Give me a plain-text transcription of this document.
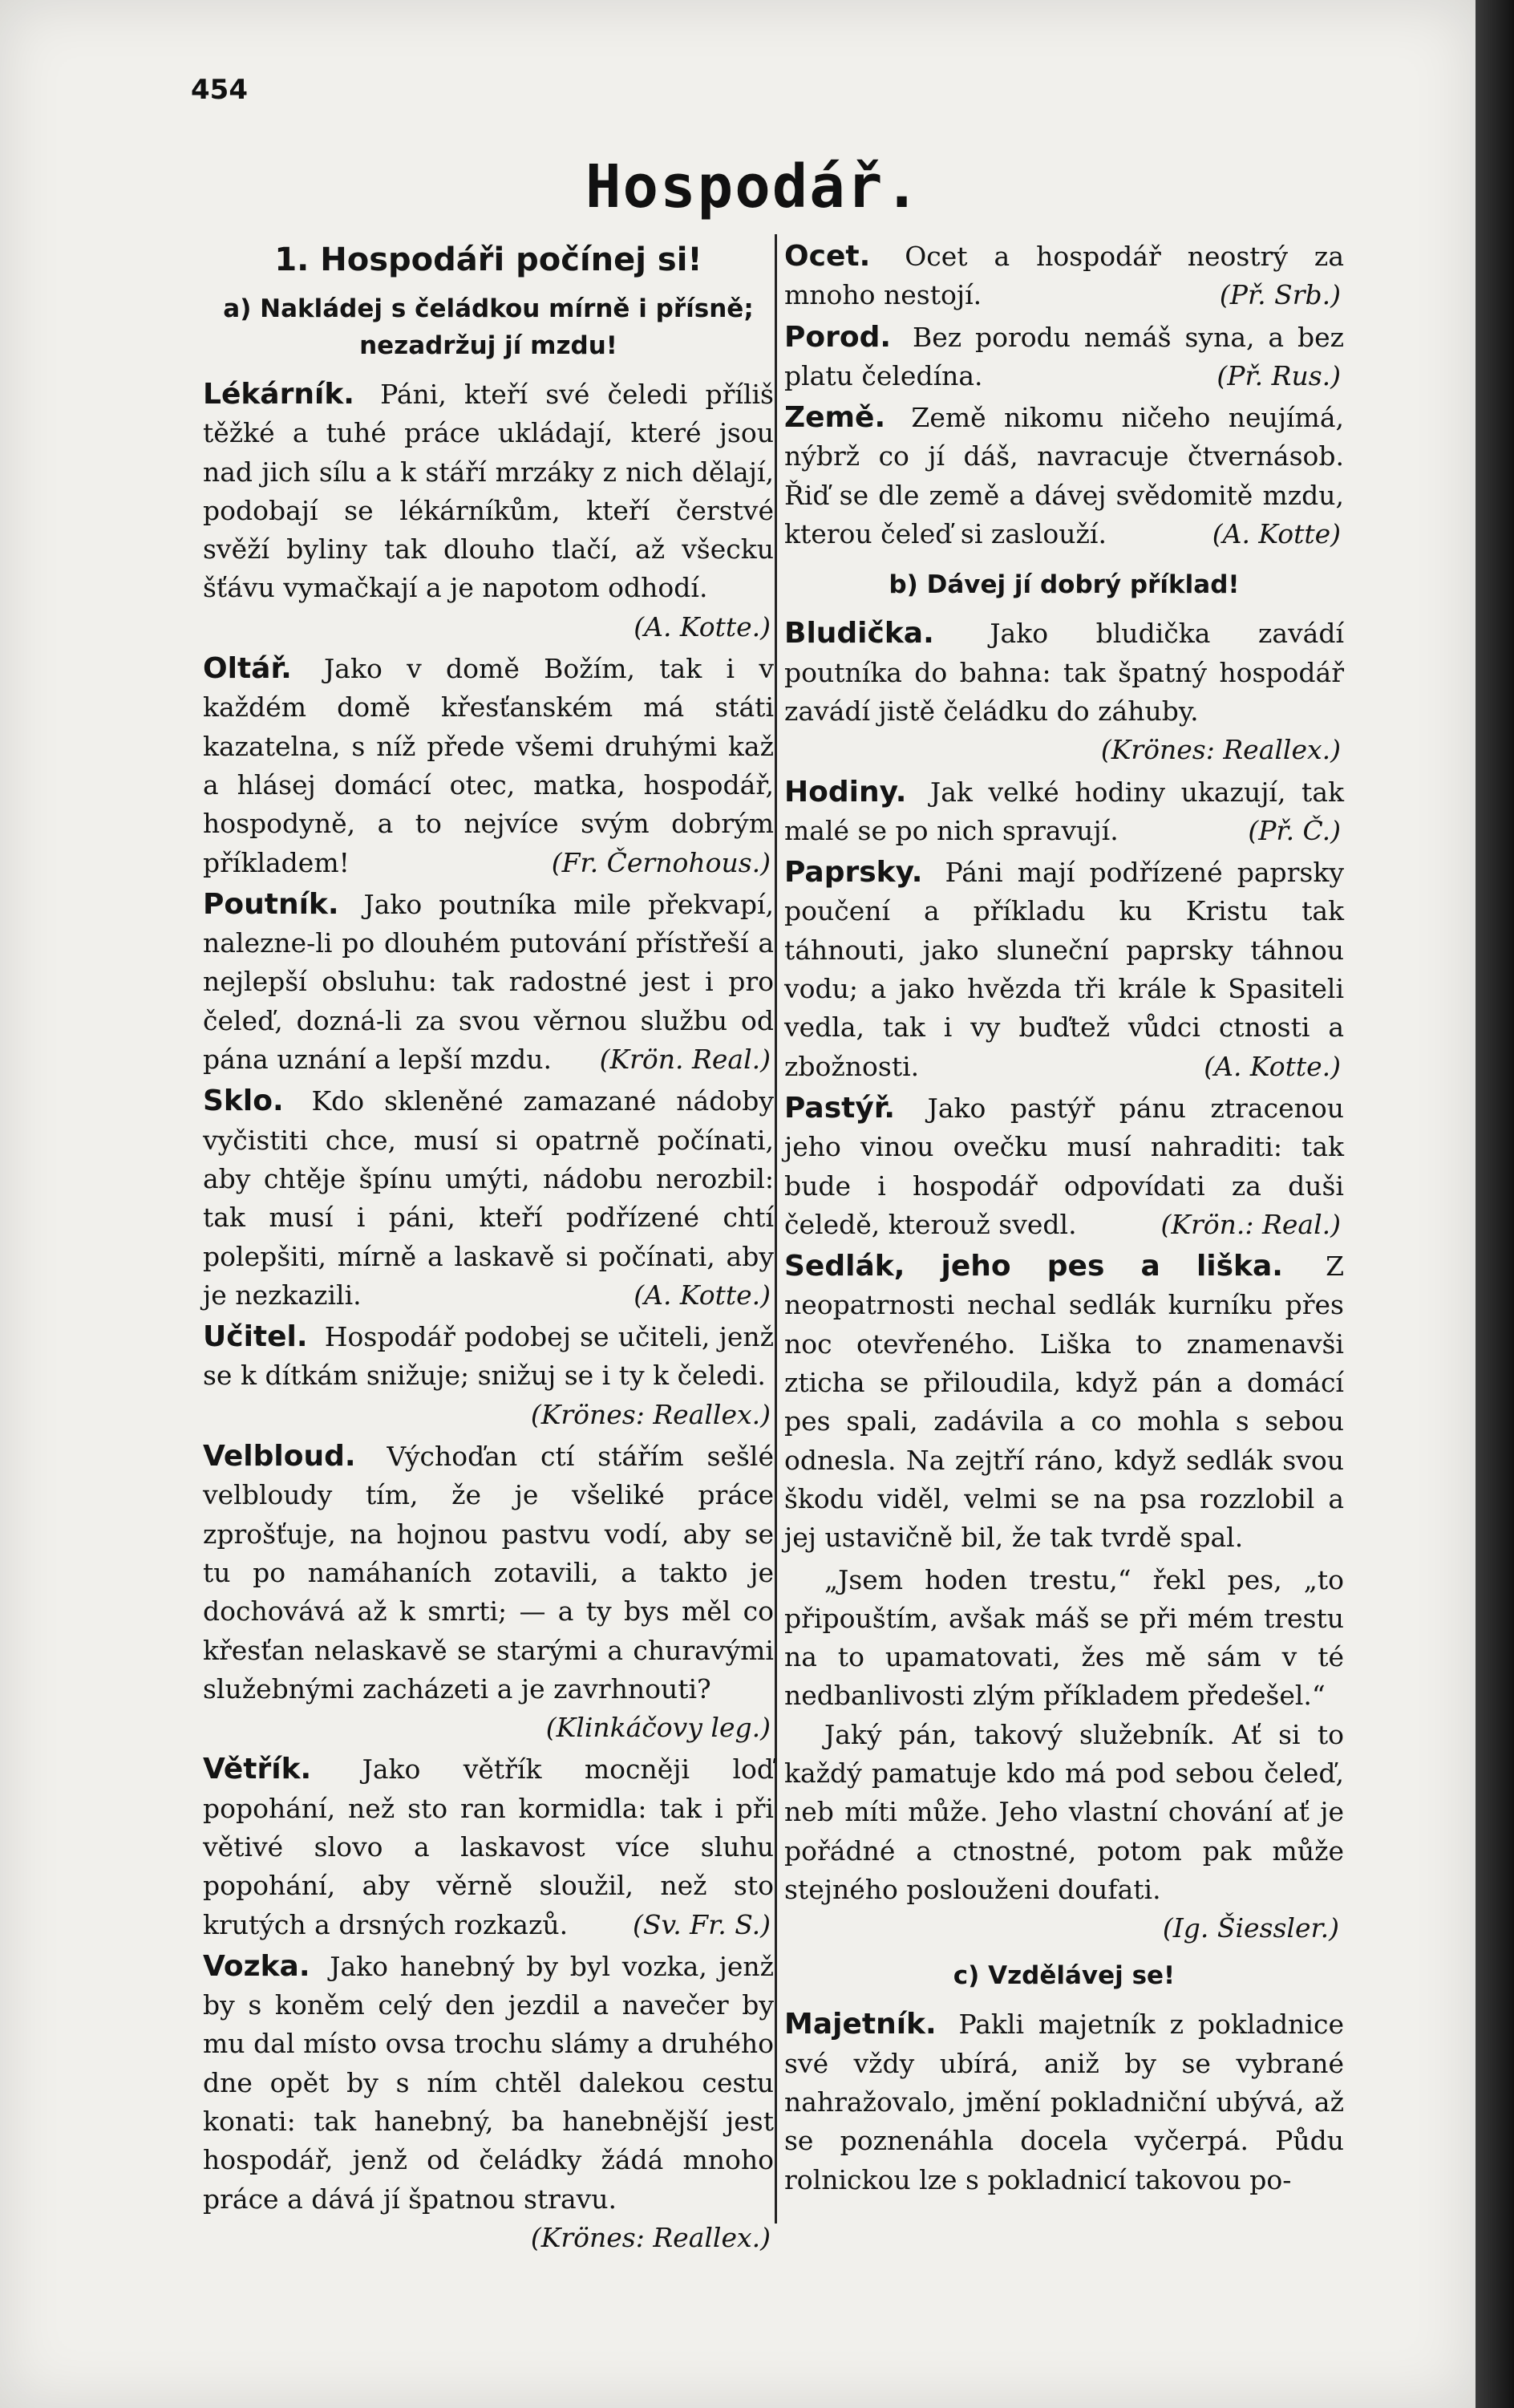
454
Hospodář.
1. Hospodáři počínej si!
a) Nakládej s čeládkou mírně i přísně; nezadržuj jí mzdu!

Lékárník. Páni, kteří své čeledi příliš těžké a tuhé práce ukládají, které jsou nad jich sílu a k stáří mrzáky z nich dělají, podobají se lékárníkům, kteří čerstvé svěží byliny tak dlouho tlačí, až všecku šťávu vymačkají a je napotom odhodí.
(A. Kotte.)

Oltář. Jako v domě Božím, tak i v každém domě křesťanském má státi kazatelna, s níž přede všemi druhými kaž a hlásej domácí otec, matka, hospodář, hospodyně, a to nejvíce svým dobrým příkladem!	(Fr. Černohous.)

Poutník. Jako poutníka mile překvapí, nalezne-li po dlouhém putování přístřeší a nejlepší obsluhu: tak radostné jest i pro čeleď, dozná-li za svou věrnou službu od pána uznání a lepší mzdu. (Krön. Real.)

Sklo. Kdo skleněné zamazané nádoby vyčistiti chce, musí si opatrně počínati, aby chtěje špínu umýti, nádobu nerozbil: tak musí i páni, kteří podřízené chtí polepšiti, mírně a laskavě si počínati, aby je nezkazili.	(A. Kotte.)

Učitel. Hospodář podobej se učiteli, jenž se k dítkám snižuje; snižuj se i ty k čeledi.
(Krönes: Reallex.)

Velbloud. Výchoďan ctí stářím sešlé velbloudy tím, že je všeliké práce zprošťuje, na hojnou pastvu vodí, aby se tu po namáhaních zotavili, a takto je dochovává až k smrti; — a ty bys měl co křesťan nelaskavě se starými a churavými služebnými zacházeti a je zavrhnouti?
(Klinkáčovy leg.)

Větřík. Jako větřík mocněji loď popohání, než sto ran kormidla: tak i při větivé slovo a laskavost více sluhu popohání, aby věrně sloužil, než sto krutých a drsných rozkazů. (Sv. Fr. S.)

Vozka. Jako hanebný by byl vozka, jenž by s koněm celý den jezdil a navečer by mu dal místo ovsa trochu slámy a druhého dne opět by s ním chtěl dalekou cestu konati: tak hanebný, ba hanebnější jest hospodář, jenž od čeládky žádá mnoho práce a dává jí špatnou stravu.
(Krönes: Reallex.)

Ocet. Ocet a hospodář neostrý za mnoho nestojí.	(Př. Srb.)

Porod. Bez porodu nemáš syna, a bez platu čeledína.	(Př. Rus.)

Země. Země nikomu ničeho neujímá, nýbrž co jí dáš, navracuje čtvernásob. Řiď se dle země a dávej svědomitě mzdu, kterou čeleď si zaslouží.	(A. Kotte)

b) Dávej jí dobrý příklad!

Bludička. Jako bludička zavádí poutníka do bahna: tak špatný hospodář zavádí jistě čeládku do záhuby.
(Krönes: Reallex.)

Hodiny. Jak velké hodiny ukazují, tak malé se po nich spravují.	(Př. Č.)

Paprsky. Páni mají podřízené paprsky poučení a příkladu ku Kristu tak táhnouti, jako sluneční paprsky táhnou vodu; a jako hvězda tři krále k Spasiteli vedla, tak i vy buďtež vůdci ctnosti a zbožnosti.	(A. Kotte.)

Pastýř. Jako pastýř pánu ztracenou jeho vinou ovečku musí nahraditi: tak bude i hospodář odpovídati za duši čeledě, kterouž svedl.	(Krön.: Real.)

Sedlák, jeho pes a liška. Z neopatrnosti nechal sedlák kurníku přes noc otevřeného. Liška to znamenavši zticha se přiloudila, když pán a domácí pes spali, zadávila a co mohla s sebou odnesla. Na zejtří ráno, když sedlák svou škodu viděl, velmi se na psa rozzlobil a jej ustavičně bil, že tak tvrdě spal.

„Jsem hoden trestu,“ řekl pes, „to připouštím, avšak máš se při mém trestu na to upamatovati, žes mě sám v té nedbanlivosti zlým příkladem předešel.“

Jaký pán, takový služebník. Ať si to každý pamatuje kdo má pod sebou čeleď, neb míti může. Jeho vlastní chování ať je pořádné a ctnostné, potom pak může stejného poslouženi doufati.

(Ig. Šiessler.)
c) Vzdělávej se!

Majetník. Pakli majetník z pokladnice své vždy ubírá, aniž by se vybrané nahražovalo, jmění pokladniční ubývá, až se poznenáhla docela vyčerpá. Půdu rolnickou lze s pokladnicí takovou po-
